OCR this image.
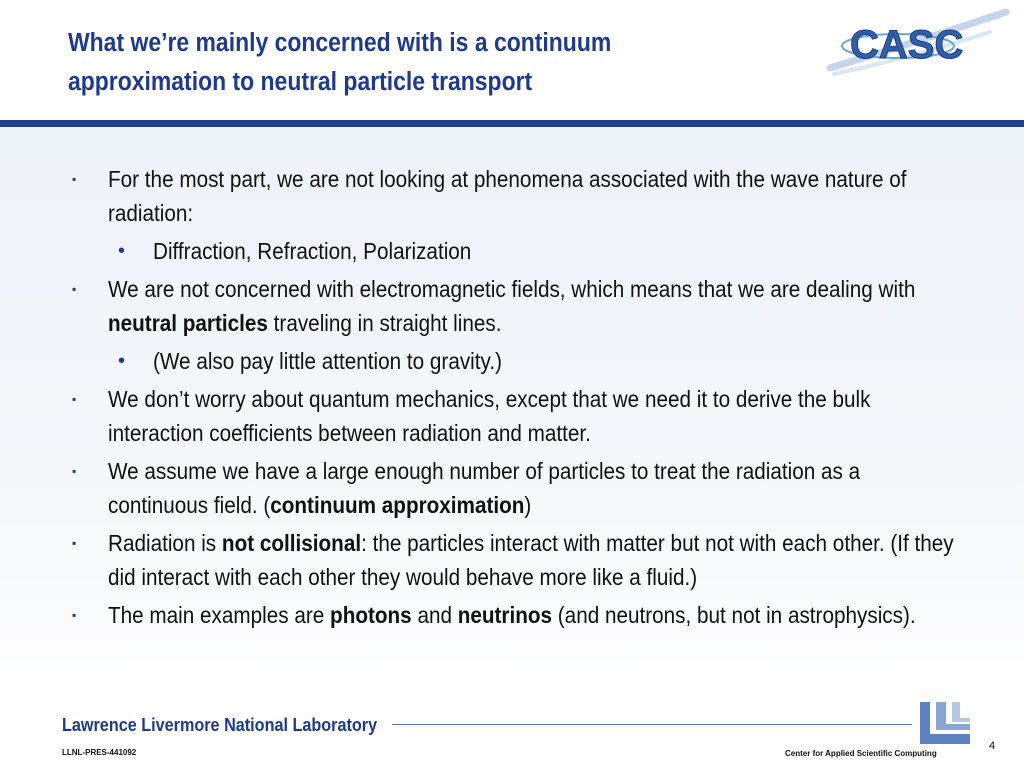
What we’re mainly concerned with is a continuum
approximation to neutral particle transport
CASC
▪ For the most part, we are not looking at phenomena associated with the wave nature of radiation:
• Diffraction, Refraction, Polarization
▪ We are not concerned with electromagnetic fields, which means that we are dealing with neutral particles traveling in straight lines.
• (We also pay little attention to gravity.)
▪ We don’t worry about quantum mechanics, except that we need it to derive the bulk interaction coefficients between radiation and matter.
▪ We assume we have a large enough number of particles to treat the radiation as a continuous field. (continuum approximation)
▪ Radiation is not collisional: the particles interact with matter but not with each other. (If they did interact with each other they would behave more like a fluid.)
▪ The main examples are photons and neutrinos (and neutrons, but not in astrophysics).
Lawrence Livermore National Laboratory
LLNL-PRES-441092	Center for Applied Scientific Computing
4
